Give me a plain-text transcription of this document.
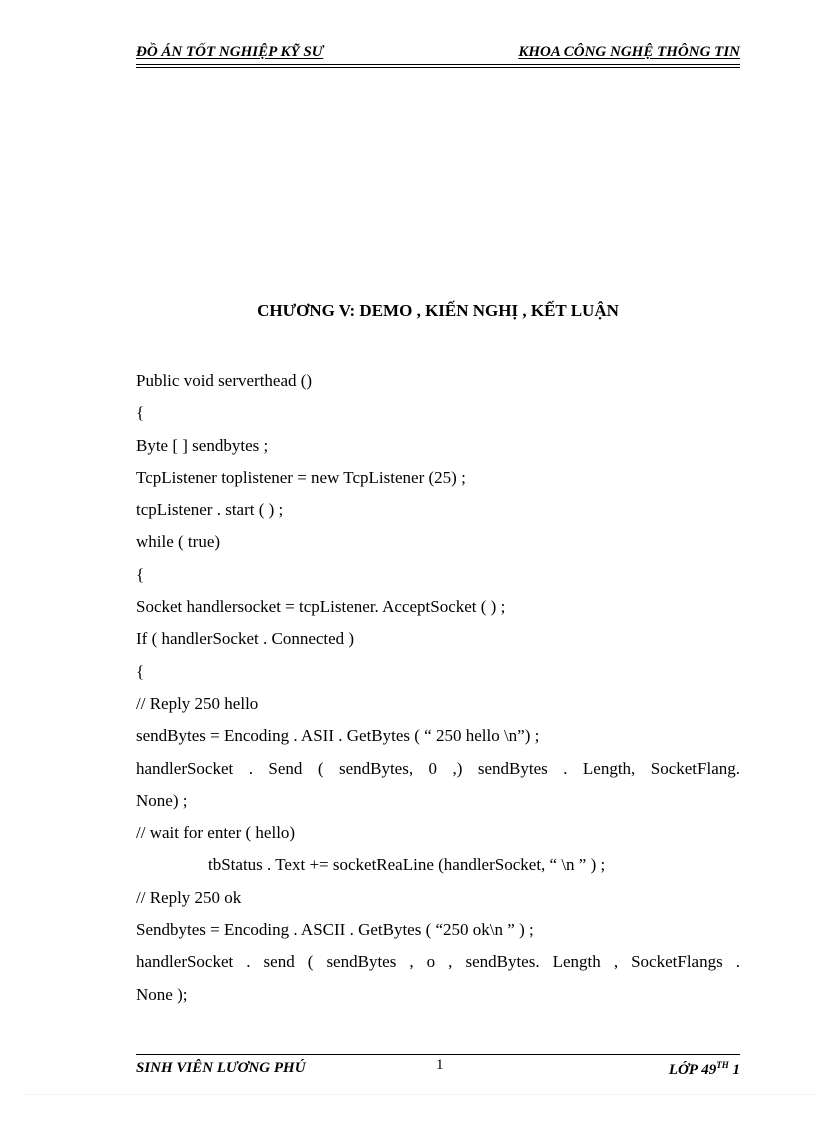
ĐỒ ÁN TỐT NGHIỆP KỸ SƯ	KHOA CÔNG NGHỆ THÔNG TIN
CHƯƠNG V: DEMO , KIẾN NGHỊ , KẾT LUẬN
Public void serverthead ()
{
Byte [ ] sendbytes ;
TcpListener toplistener = new TcpListener (25) ;
tcpListener . start ( ) ;
while ( true)
{
Socket handlersocket = tcpListener. AcceptSocket ( ) ;
If ( handlerSocket . Connected )
{
// Reply 250 hello
sendBytes = Encoding . ASII . GetBytes ( “ 250 hello \n”) ;
handlerSocket . Send ( sendBytes, 0 ,) sendBytes . Length, SocketFlang.
None) ;
// wait for enter ( hello)
tbStatus . Text += socketReaLine (handlerSocket, “ \n ” ) ;
// Reply 250 ok
Sendbytes = Encoding . ASCII . GetBytes ( “250 ok\n ” ) ;
handlerSocket . send ( sendBytes , o , sendBytes. Length , SocketFlangs .
None );
SINH VIÊN LƯƠNG PHÚ	1	LỚP 49TH 1
